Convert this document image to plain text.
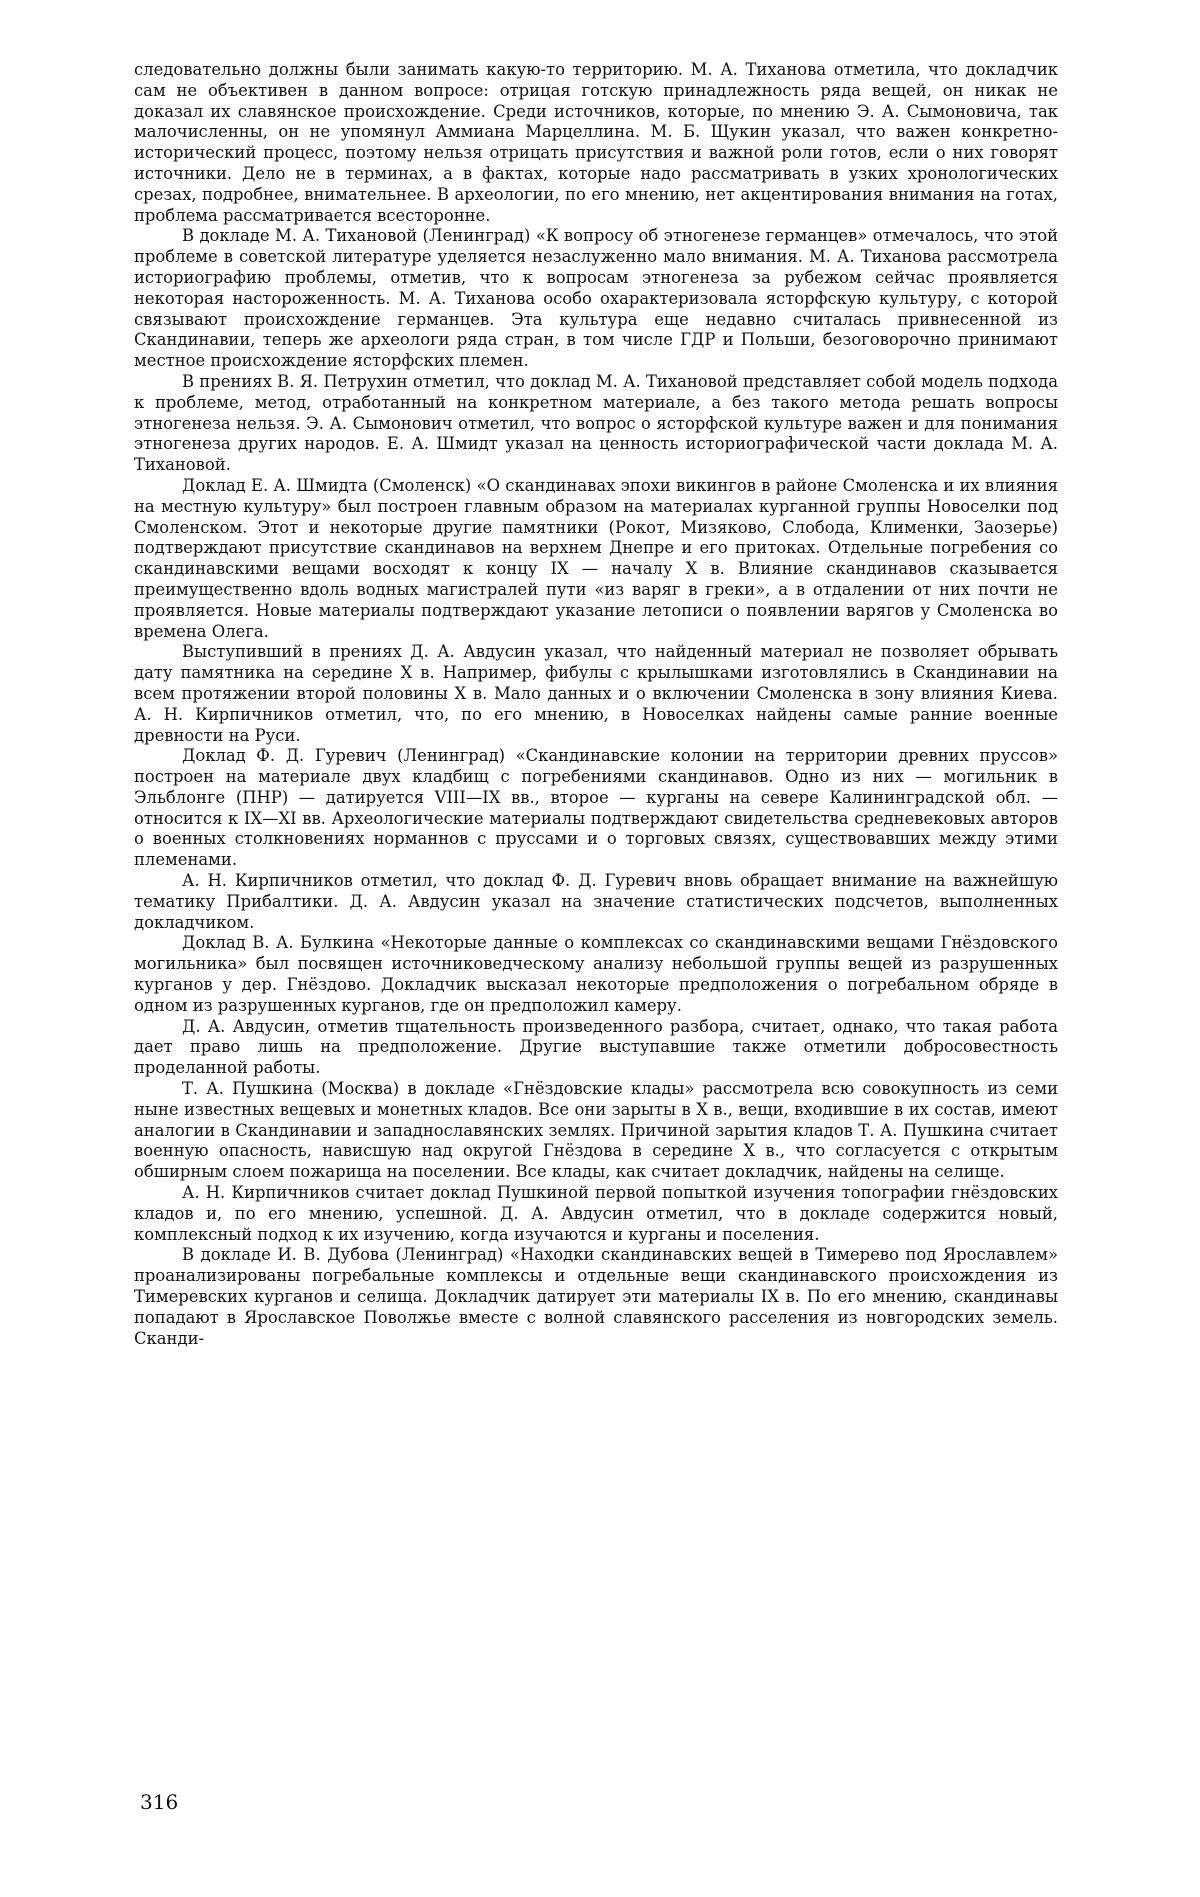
следовательно должны были занимать какую-то территорию. М. А. Тиханова отметила, что докладчик сам не объективен в данном вопросе: отрицая готскую принадлежность ряда вещей, он никак не доказал их славянское происхождение. Среди источников, которые, по мнению Э. А. Сымоновича, так малочисленны, он не упомянул Аммиана Марцеллина. М. Б. Щукин указал, что важен конкретно-исторический процесс, поэтому нельзя отрицать присутствия и важной роли готов, если о них говорят источники. Дело не в терминах, а в фактах, которые надо рассматривать в узких хронологических срезах, подробнее, внимательнее. В археологии, по его мнению, нет акцентирования внимания на готах, проблема рассматривается всесторонне.

В докладе М. А. Тихановой (Ленинград) «К вопросу об этногенезе германцев» отмечалось, что этой проблеме в советской литературе уделяется незаслуженно мало внимания. М. А. Тиханова рассмотрела историографию проблемы, отметив, что к вопросам этногенеза за рубежом сейчас проявляется некоторая настороженность. М. А. Тиханова особо охарактеризовала ясторфскую культуру, с которой связывают происхождение германцев. Эта культура еще недавно считалась привнесенной из Скандинавии, теперь же археологи ряда стран, в том числе ГДР и Польши, безоговорочно принимают местное происхождение ясторфских племен.

В прениях В. Я. Петрухин отметил, что доклад М. А. Тихановой представляет собой модель подхода к проблеме, метод, отработанный на конкретном материале, а без такого метода решать вопросы этногенеза нельзя. Э. А. Сымонович отметил, что вопрос о ясторфской культуре важен и для понимания этногенеза других народов. Е. А. Шмидт указал на ценность историографической части доклада М. А. Тихановой.

Доклад Е. А. Шмидта (Смоленск) «О скандинавах эпохи викингов в районе Смоленска и их влияния на местную культуру» был построен главным образом на материалах курганной группы Новоселки под Смоленском. Этот и некоторые другие памятники (Рокот, Мизяково, Слобода, Клименки, Заозерье) подтверждают присутствие скандинавов на верхнем Днепре и его притоках. Отдельные погребения со скандинавскими вещами восходят к концу IX — началу X в. Влияние скандинавов сказывается преимущественно вдоль водных магистралей пути «из варяг в греки», а в отдалении от них почти не проявляется. Новые материалы подтверждают указание летописи о появлении варягов у Смоленска во времена Олега.

Выступивший в прениях Д. А. Авдусин указал, что найденный материал не позволяет обрывать дату памятника на середине X в. Например, фибулы с крылышками изготовлялись в Скандинавии на всем протяжении второй половины X в. Мало данных и о включении Смоленска в зону влияния Киева. А. Н. Кирпичников отметил, что, по его мнению, в Новоселках найдены самые ранние военные древности на Руси.

Доклад Ф. Д. Гуревич (Ленинград) «Скандинавские колонии на территории древних пруссов» построен на материале двух кладбищ с погребениями скандинавов. Одно из них — могильник в Эльблонге (ПНР) — датируется VIII—IX вв., второе — курганы на севере Калининградской обл. — относится к IX—XI вв. Археологические материалы подтверждают свидетельства средневековых авторов о военных столкновениях норманнов с пруссами и о торговых связях, существовавших между этими племенами.

А. Н. Кирпичников отметил, что доклад Ф. Д. Гуревич вновь обращает внимание на важнейшую тематику Прибалтики. Д. А. Авдусин указал на значение статистических подсчетов, выполненных докладчиком.

Доклад В. А. Булкина «Некоторые данные о комплексах со скандинавскими вещами Гнёздовского могильника» был посвящен источниковедческому анализу небольшой группы вещей из разрушенных курганов у дер. Гнёздово. Докладчик высказал некоторые предположения о погребальном обряде в одном из разрушенных курганов, где он предположил камеру.

Д. А. Авдусин, отметив тщательность произведенного разбора, считает, однако, что такая работа дает право лишь на предположение. Другие выступавшие также отметили добросовестность проделанной работы.

Т. А. Пушкина (Москва) в докладе «Гнёздовские клады» рассмотрела всю совокупность из семи ныне известных вещевых и монетных кладов. Все они зарыты в X в., вещи, входившие в их состав, имеют аналогии в Скандинавии и западнославянских землях. Причиной зарытия кладов Т. А. Пушкина считает военную опасность, нависшую над округой Гнёздова в середине X в., что согласуется с открытым обширным слоем пожарища на поселении. Все клады, как считает докладчик, найдены на селище.

А. Н. Кирпичников считает доклад Пушкиной первой попыткой изучения топографии гнёздовских кладов и, по его мнению, успешной. Д. А. Авдусин отметил, что в докладе содержится новый, комплексный подход к их изучению, когда изучаются и курганы и поселения.

В докладе И. В. Дубова (Ленинград) «Находки скандинавских вещей в Тимерево под Ярославлем» проанализированы погребальные комплексы и отдельные вещи скандинавского происхождения из Тимеревских курганов и селища. Докладчик датирует эти материалы IX в. По его мнению, скандинавы попадают в Ярославское Поволжье вместе с волной славянского расселения из новгородских земель. Сканди-

316
